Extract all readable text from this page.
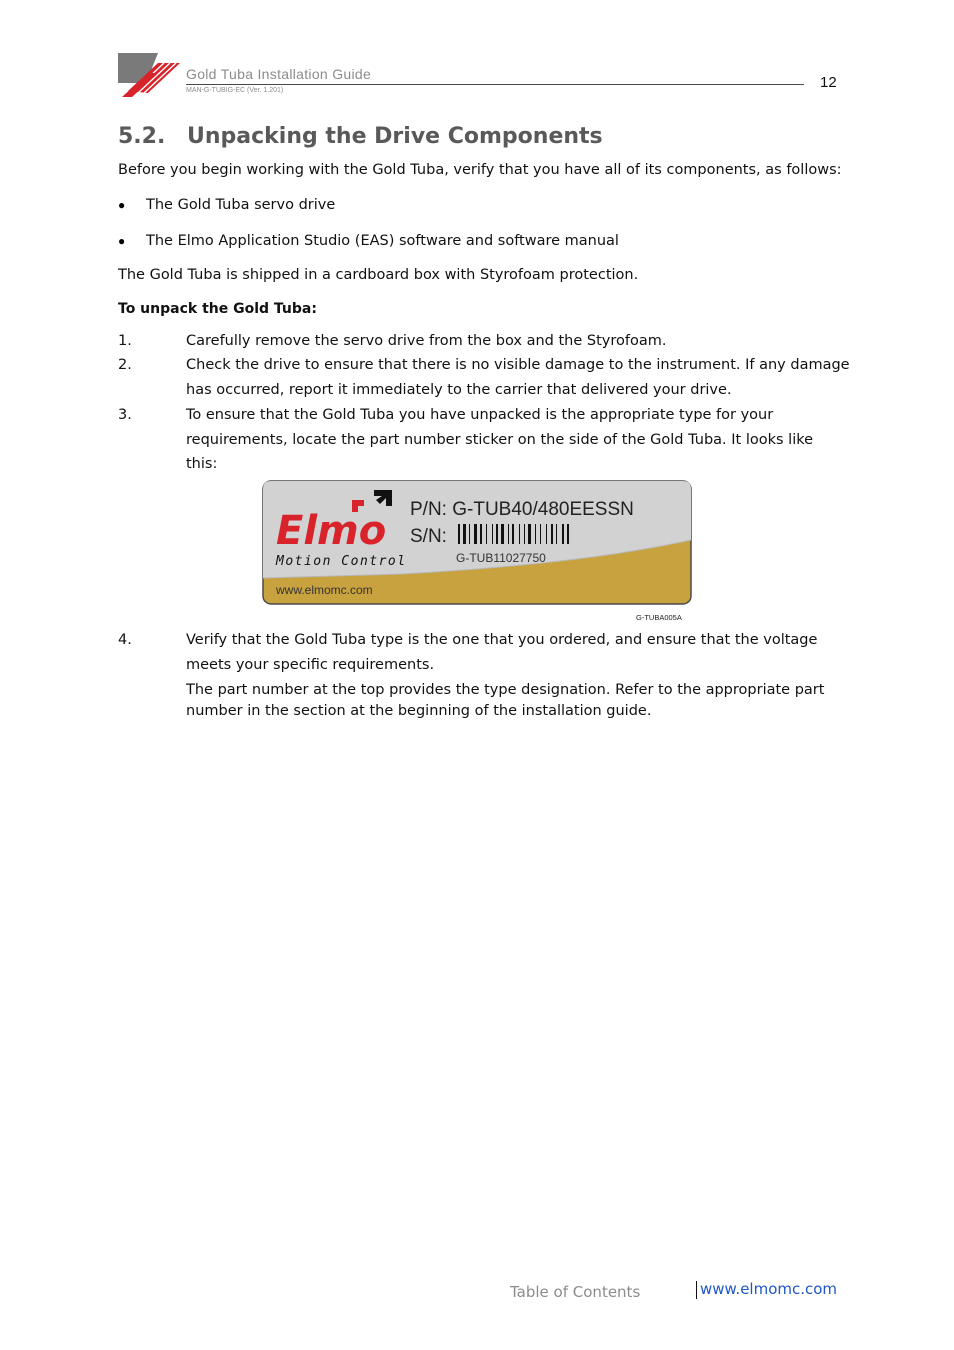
Gold Tuba Installation Guide
MAN-G-TUBIG-EC (Ver. 1.201)	12
5.2. Unpacking the Drive Components
Before you begin working with the Gold Tuba, verify that you have all of its components, as follows:
● The Gold Tuba servo drive
● The Elmo Application Studio (EAS) software and software manual
The Gold Tuba is shipped in a cardboard box with Styrofoam protection.
To unpack the Gold Tuba:
1.	Carefully remove the servo drive from the box and the Styrofoam.
2.	Check the drive to ensure that there is no visible damage to the instrument. If any damage
has occurred, report it immediately to the carrier that delivered your drive.
3.	To ensure that the Gold Tuba you have unpacked is the appropriate type for your
requirements, locate the part number sticker on the side of the Gold Tuba. It looks like
this:
Elmo
Motion Control
www.elmomc.com
P/N: G-TUB40/480EESSN
S/N:
G-TUB11027750
G-TUBA005A
4.	Verify that the Gold Tuba type is the one that you ordered, and ensure that the voltage
meets your specific requirements.
The part number at the top provides the type designation. Refer to the appropriate part
number in the section at the beginning of the installation guide.
Table of Contents	www.elmomc.com
